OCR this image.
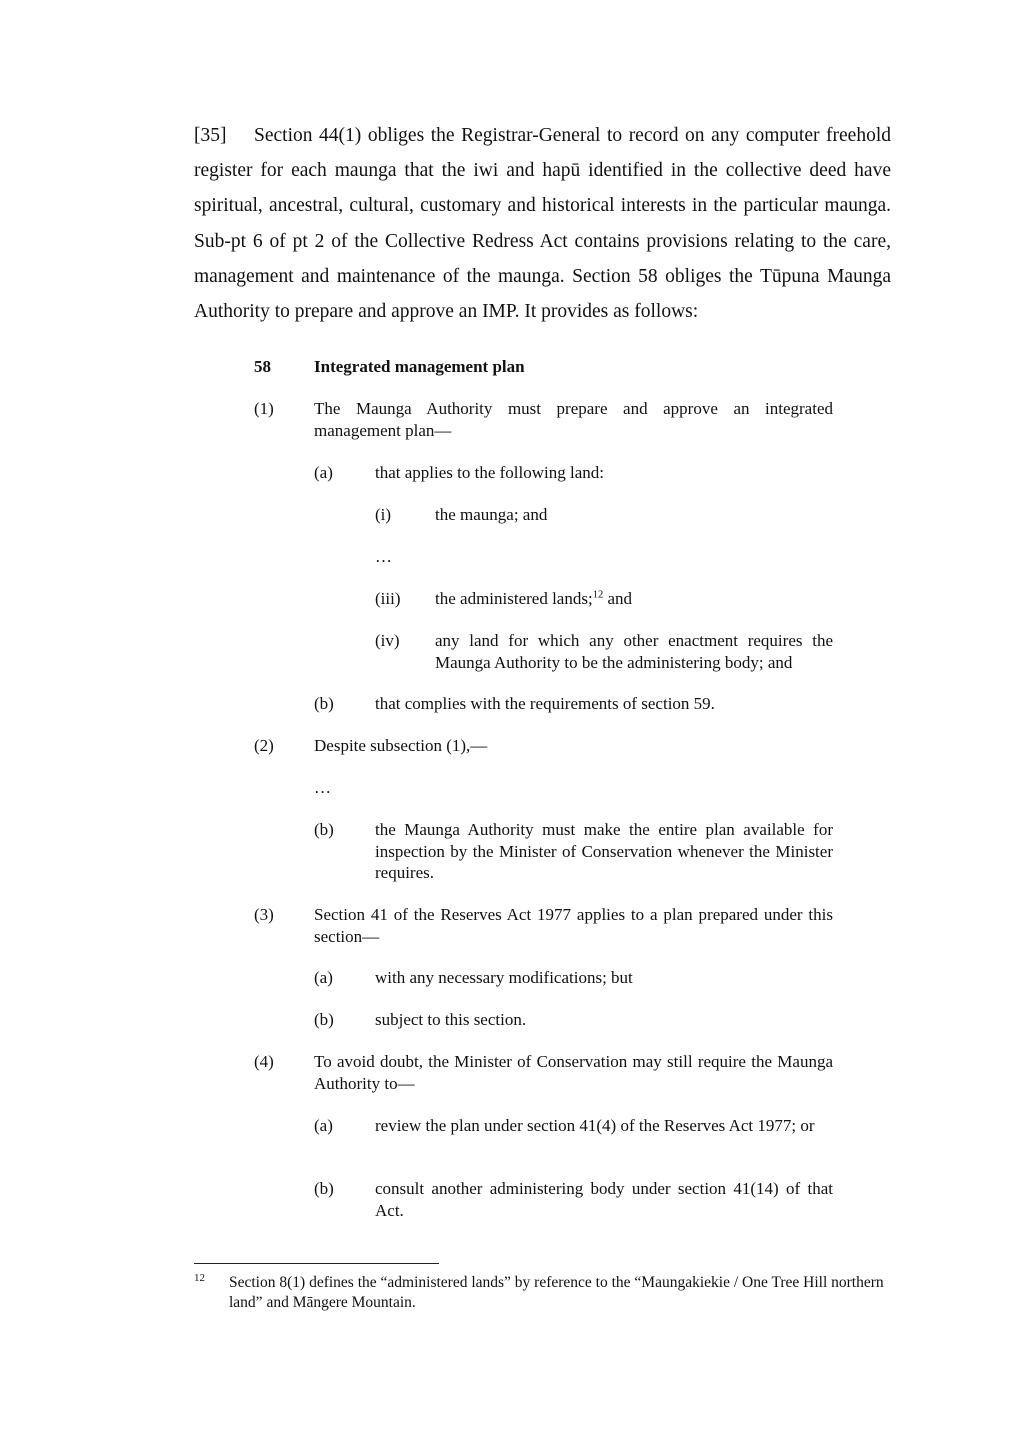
[35] Section 44(1) obliges the Registrar-General to record on any computer freehold register for each maunga that the iwi and hapū identified in the collective deed have spiritual, ancestral, cultural, customary and historical interests in the particular maunga. Sub-pt 6 of pt 2 of the Collective Redress Act contains provisions relating to the care, management and maintenance of the maunga. Section 58 obliges the Tūpuna Maunga Authority to prepare and approve an IMP. It provides as follows:

58	Integrated management plan
(1) The Maunga Authority must prepare and approve an integrated management plan—

(a) that applies to the following land:

(i)	the maunga; and

…
(iii) the administered lands;$^{12}$ and

(iv) any land for which any other enactment requires the Maunga Authority to be the administering body; and

(b) that complies with the requirements of section 59.

(2) Despite subsection (1),—

…
(b) the Maunga Authority must make the entire plan available for inspection by the Minister of Conservation whenever the Minister requires.

(3) Section 41 of the Reserves Act 1977 applies to a plan prepared under this section—

(a) with any necessary modifications; but

(b) subject to this section.

(4) To avoid doubt, the Minister of Conservation may still require the Maunga Authority to—

(a) review the plan under section 41(4) of the Reserves Act 1977; or

(b) consult another administering body under section 41(14) of that Act.

12 Section 8(1) defines the “administered lands” by reference to the “Maungakiekie / One Tree Hill northern land” and Māngere Mountain.
